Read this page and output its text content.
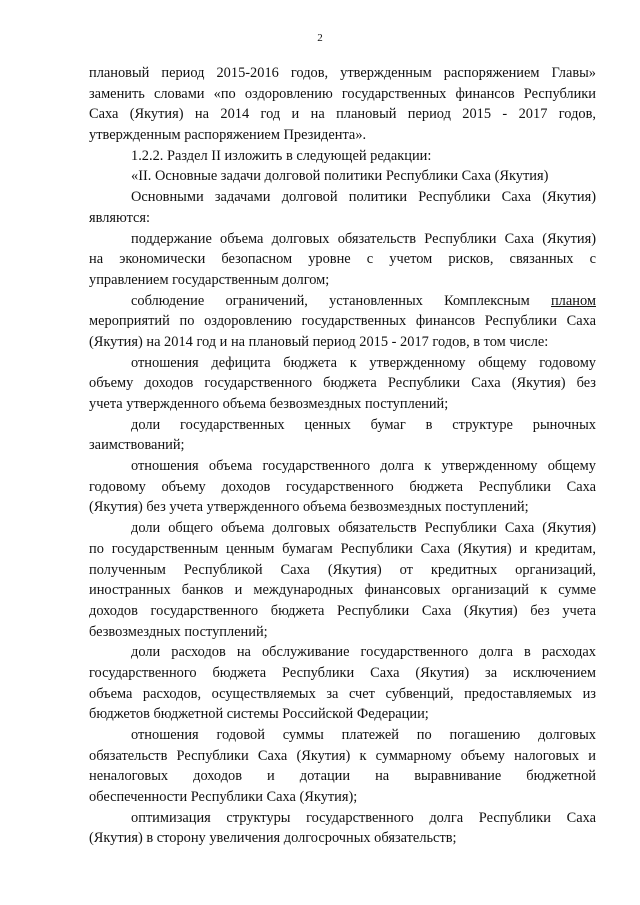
2
плановый период 2015-2016 годов, утвержденным распоряжением Главы»
заменить словами «по оздоровлению государственных финансов Республики
Саха (Якутия) на 2014 год и на плановый период 2015 - 2017 годов,
утвержденным распоряжением Президента».
1.2.2. Раздел II изложить в следующей редакции:
«II. Основные задачи долговой политики Республики Саха (Якутия)
Основными задачами долговой политики Республики Саха (Якутия)
являются:
поддержание объема долговых обязательств Республики Саха (Якутия)
на экономически безопасном уровне с учетом рисков, связанных с
управлением государственным долгом;
соблюдение ограничений, установленных Комплексным планом
мероприятий по оздоровлению государственных финансов Республики Саха
(Якутия) на 2014 год и на плановый период 2015 - 2017 годов, в том числе:
отношения дефицита бюджета к утвержденному общему годовому
объему доходов государственного бюджета Республики Саха (Якутия) без
учета утвержденного объема безвозмездных поступлений;
доли государственных ценных бумаг в структуре рыночных
заимствований;
отношения объема государственного долга к утвержденному общему
годовому объему доходов государственного бюджета Республики Саха
(Якутия) без учета утвержденного объема безвозмездных поступлений;
доли общего объема долговых обязательств Республики Саха (Якутия)
по государственным ценным бумагам Республики Саха (Якутия) и кредитам,
полученным Республикой Саха (Якутия) от кредитных организаций,
иностранных банков и международных финансовых организаций к сумме
доходов государственного бюджета Республики Саха (Якутия) без учета
безвозмездных поступлений;
доли расходов на обслуживание государственного долга в расходах
государственного бюджета Республики Саха (Якутия) за исключением
объема расходов, осуществляемых за счет субвенций, предоставляемых из
бюджетов бюджетной системы Российской Федерации;
отношения годовой суммы платежей по погашению долговых
обязательств Республики Саха (Якутия) к суммарному объему налоговых и
неналоговых доходов и дотации на выравнивание бюджетной
обеспеченности Республики Саха (Якутия);
оптимизация структуры государственного долга Республики Саха
(Якутия) в сторону увеличения долгосрочных обязательств;
